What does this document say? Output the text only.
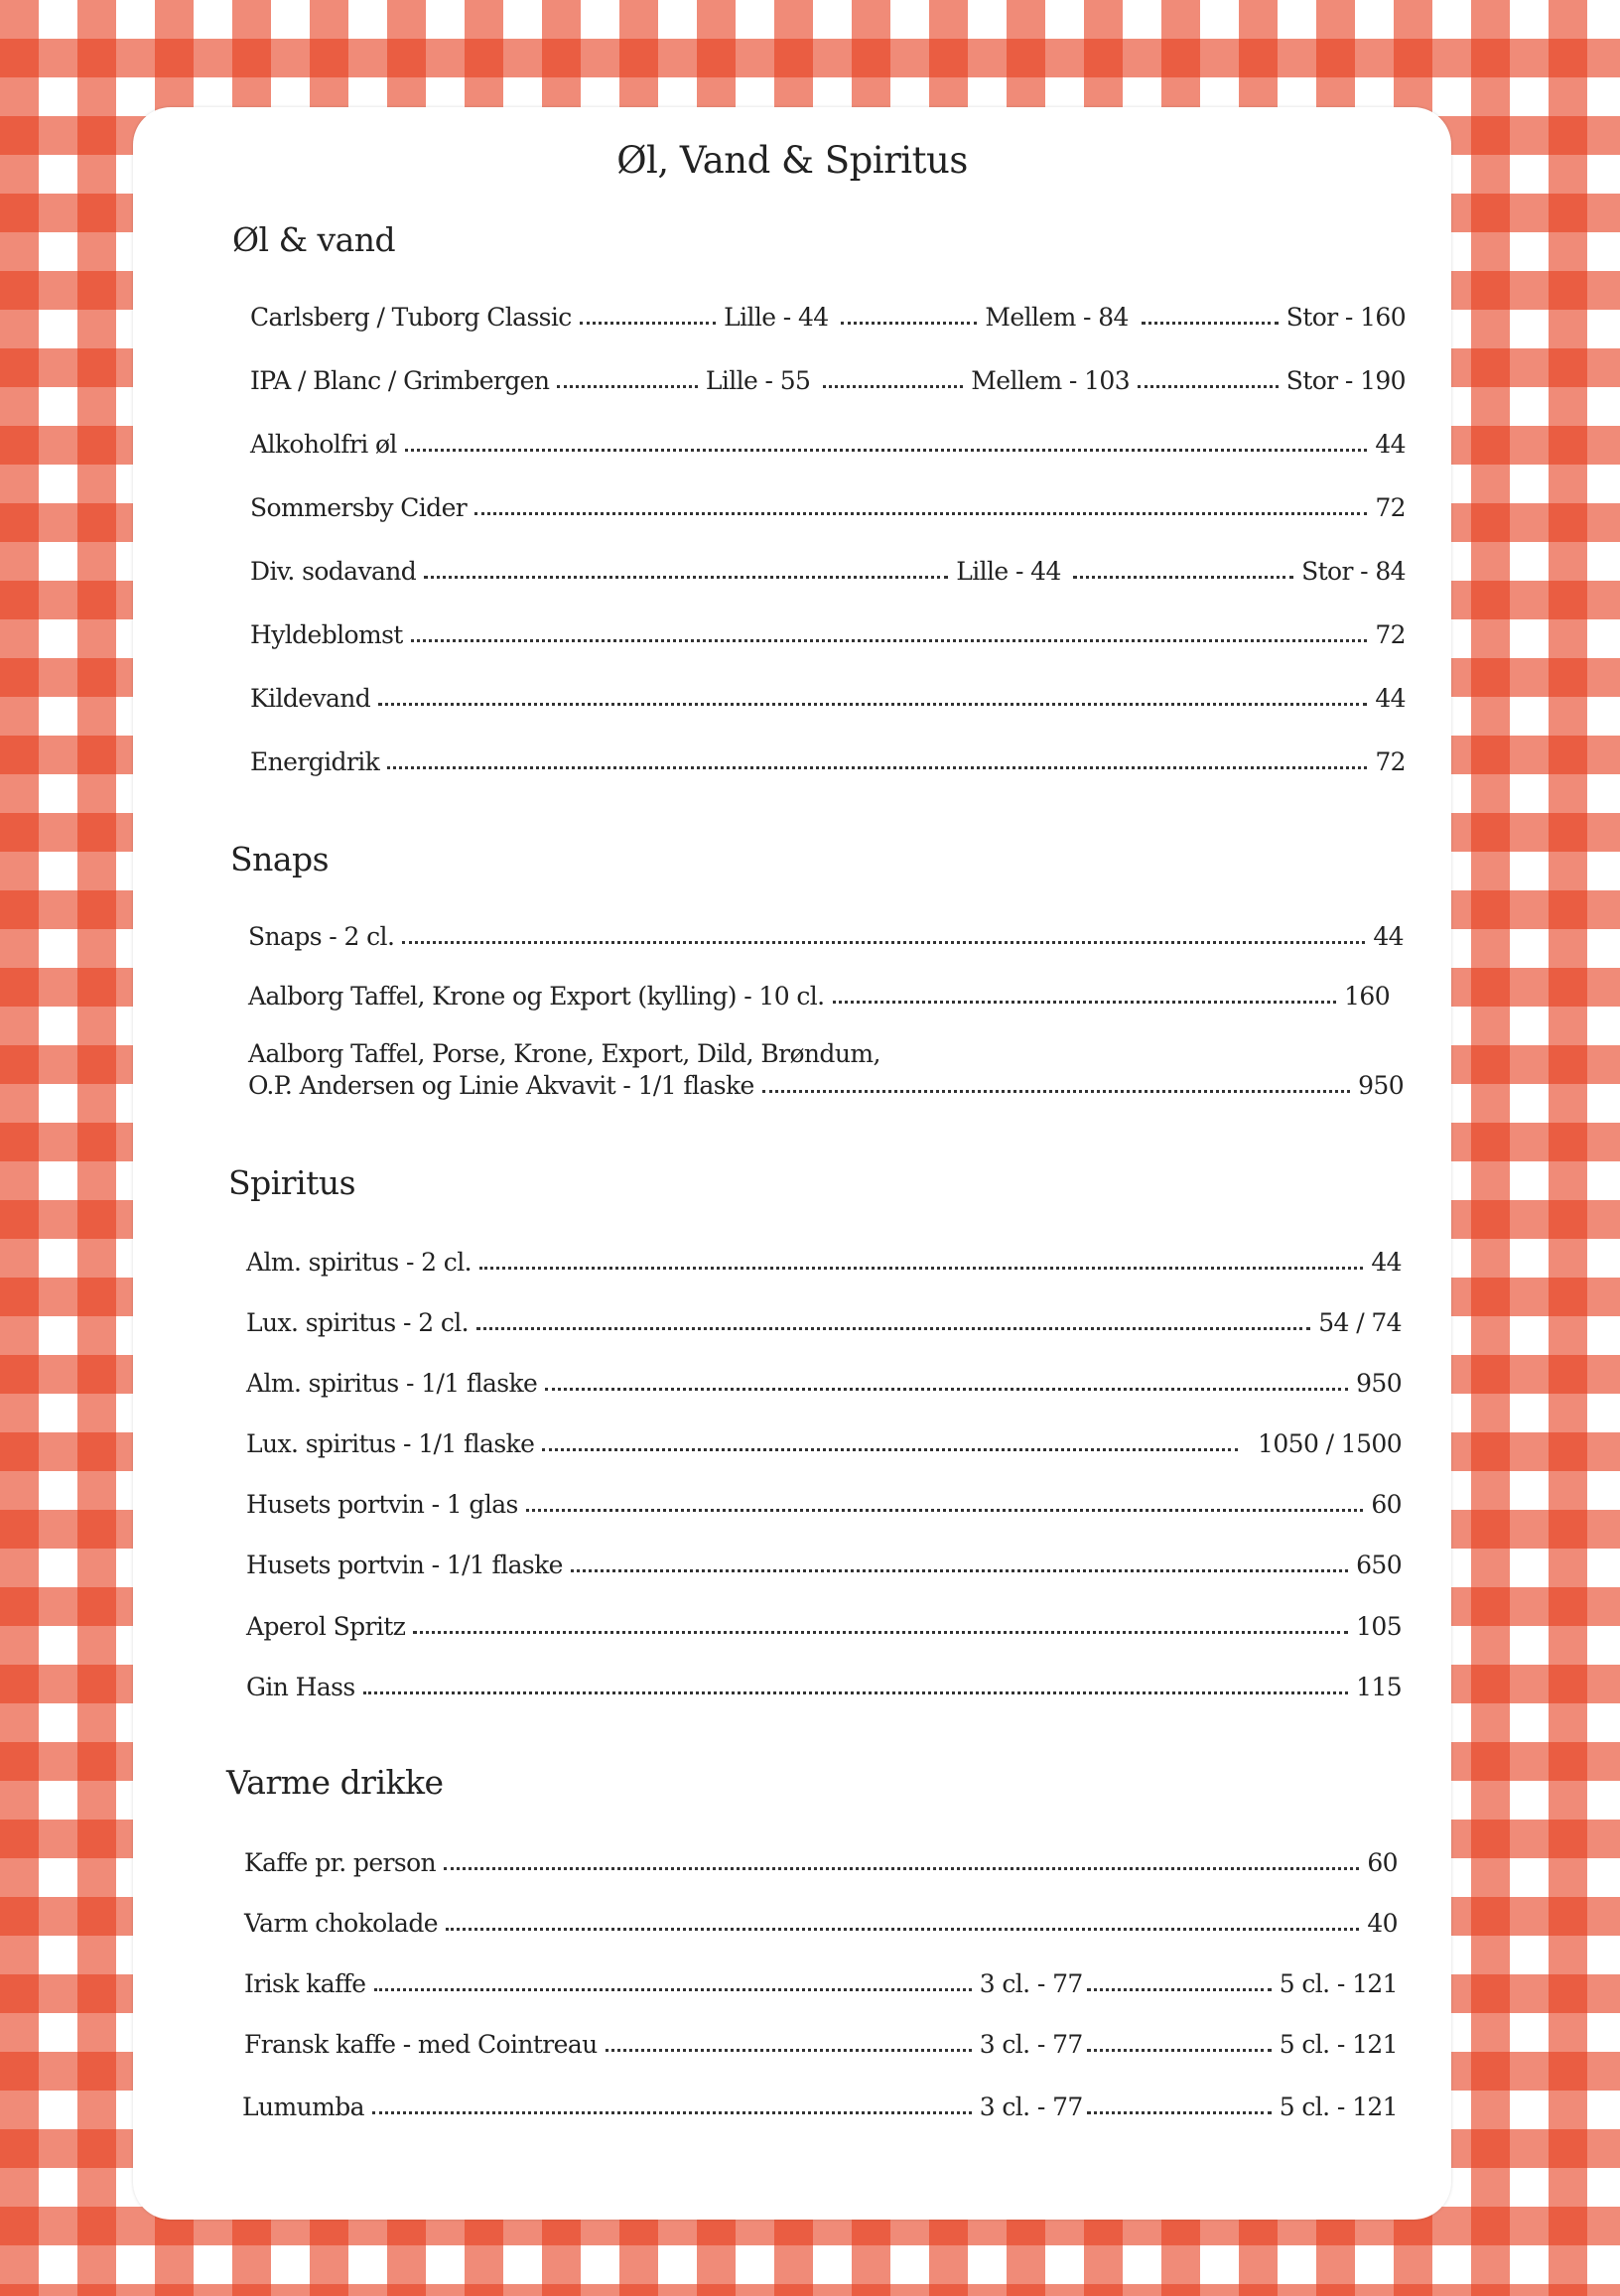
Øl, Vand & Spiritus
Øl & vand
Carlsberg / Tuborg Classic	Lille - 44	Mellem - 84	Stor - 160
IPA / Blanc / Grimbergen	Lille - 55	Mellem - 103	Stor - 190
Alkoholfri øl	44
Sommersby Cider	72
Div. sodavand	Lille - 44	Stor - 84
Hyldeblomst	72
Kildevand	44
Energidrik	72
Snaps
Snaps - 2 cl.	44
Aalborg Taffel, Krone og Export (kylling) - 10 cl.	160
Aalborg Taffel, Porse, Krone, Export, Dild, Brøndum,
O.P. Andersen og Linie Akvavit - 1/1 flaske	950
Spiritus
Alm. spiritus - 2 cl.	44
Lux. spiritus - 2 cl.	54 / 74
Alm. spiritus - 1/1 flaske	950
Lux. spiritus - 1/1 flaske	1050 / 1500
Husets portvin - 1 glas	60
Husets portvin - 1/1 flaske	650
Aperol Spritz	105
Gin Hass	115
Varme drikke
Kaffe pr. person	60
Varm chokolade	40
Irisk kaffe	3 cl. - 77	5 cl. - 121
Fransk kaffe - med Cointreau	3 cl. - 77	5 cl. - 121
Lumumba	3 cl. - 77	5 cl. - 121
